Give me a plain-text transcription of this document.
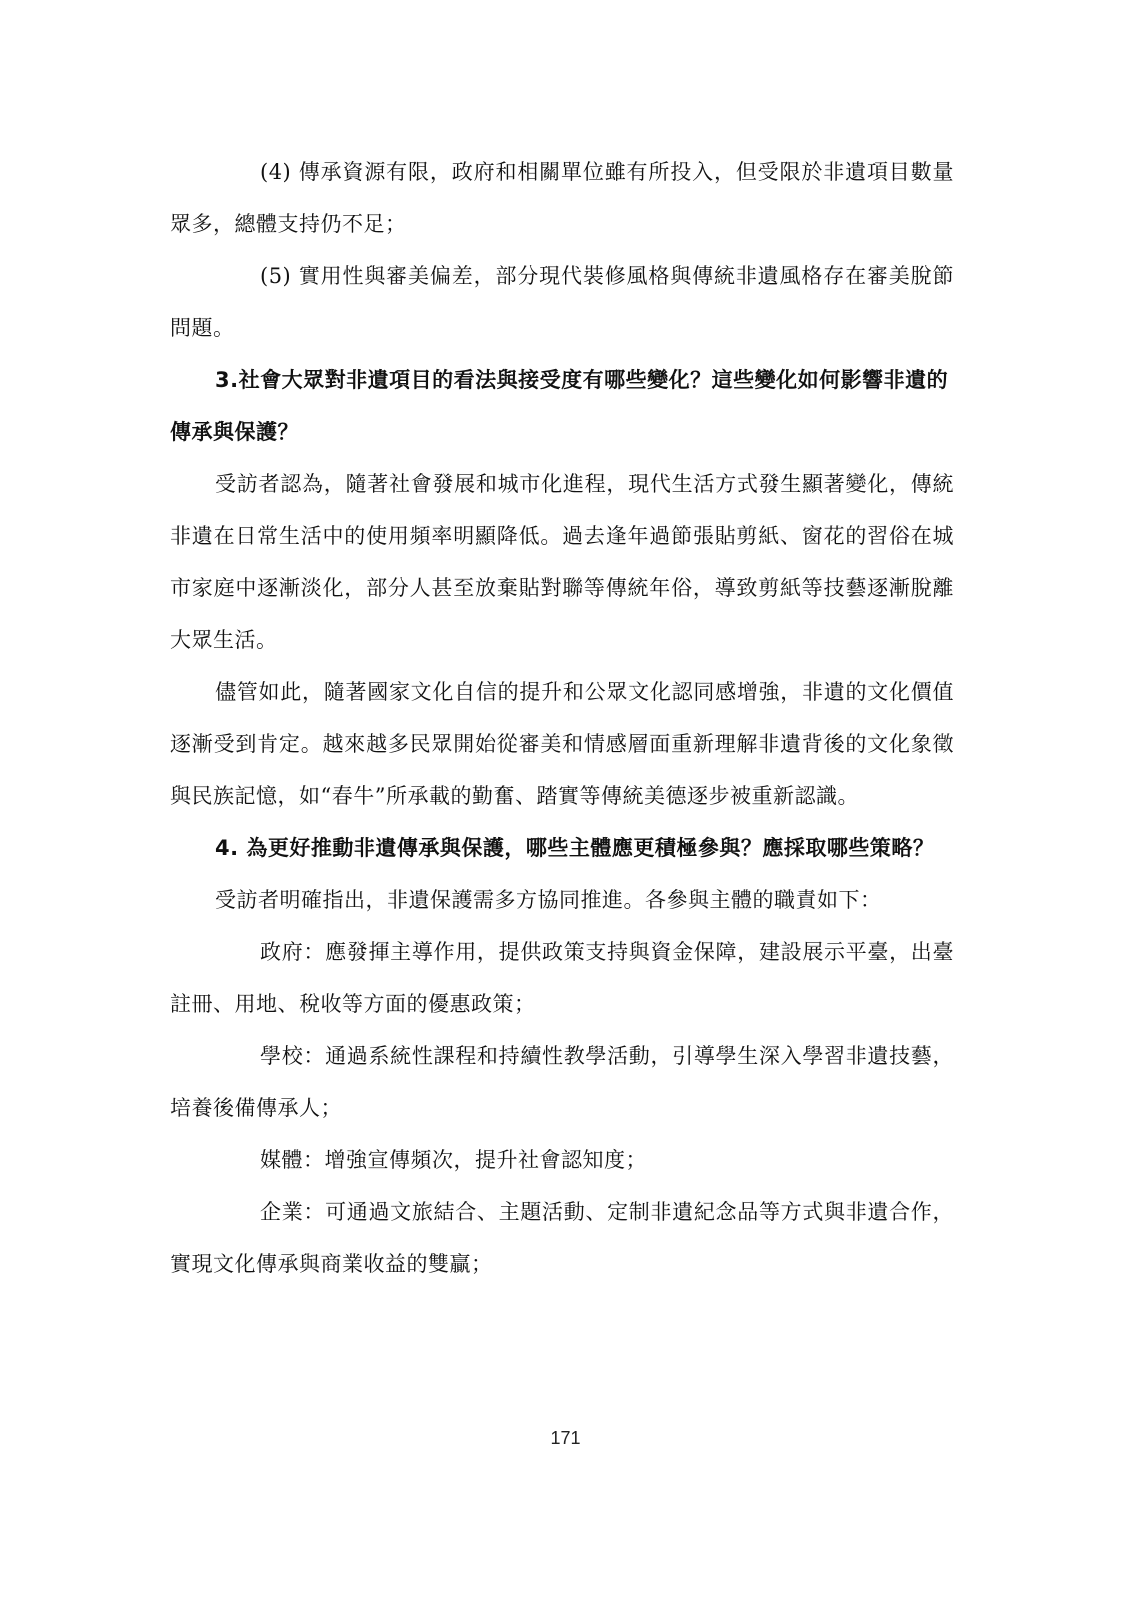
(4) 傳承資源有限，政府和相關單位雖有所投入，但受限於非遺項目數量眾多，總體支持仍不足；

(5) 實用性與審美偏差，部分現代裝修風格與傳統非遺風格存在審美脫節問題。

3.社會大眾對非遺項目的看法與接受度有哪些變化？這些變化如何影響非遺的傳承與保護？

受訪者認為，隨著社會發展和城市化進程，現代生活方式發生顯著變化，傳統非遺在日常生活中的使用頻率明顯降低。過去逢年過節張貼剪紙、窗花的習俗在城市家庭中逐漸淡化，部分人甚至放棄貼對聯等傳統年俗，導致剪紙等技藝逐漸脫離大眾生活。

儘管如此，隨著國家文化自信的提升和公眾文化認同感增強，非遺的文化價值逐漸受到肯定。越來越多民眾開始從審美和情感層面重新理解非遺背後的文化象徵與民族記憶，如“春牛”所承載的勤奮、踏實等傳統美德逐步被重新認識。

4. 為更好推動非遺傳承與保護，哪些主體應更積極參與？應採取哪些策略？

受訪者明確指出，非遺保護需多方協同推進。各參與主體的職責如下：

政府：應發揮主導作用，提供政策支持與資金保障，建設展示平臺，出臺註冊、用地、稅收等方面的優惠政策；

學校：通過系統性課程和持續性教學活動，引導學生深入學習非遺技藝，培養後備傳承人；

媒體：增強宣傳頻次，提升社會認知度；

企業：可通過文旅結合、主題活動、定制非遺紀念品等方式與非遺合作，實現文化傳承與商業收益的雙贏；

171
